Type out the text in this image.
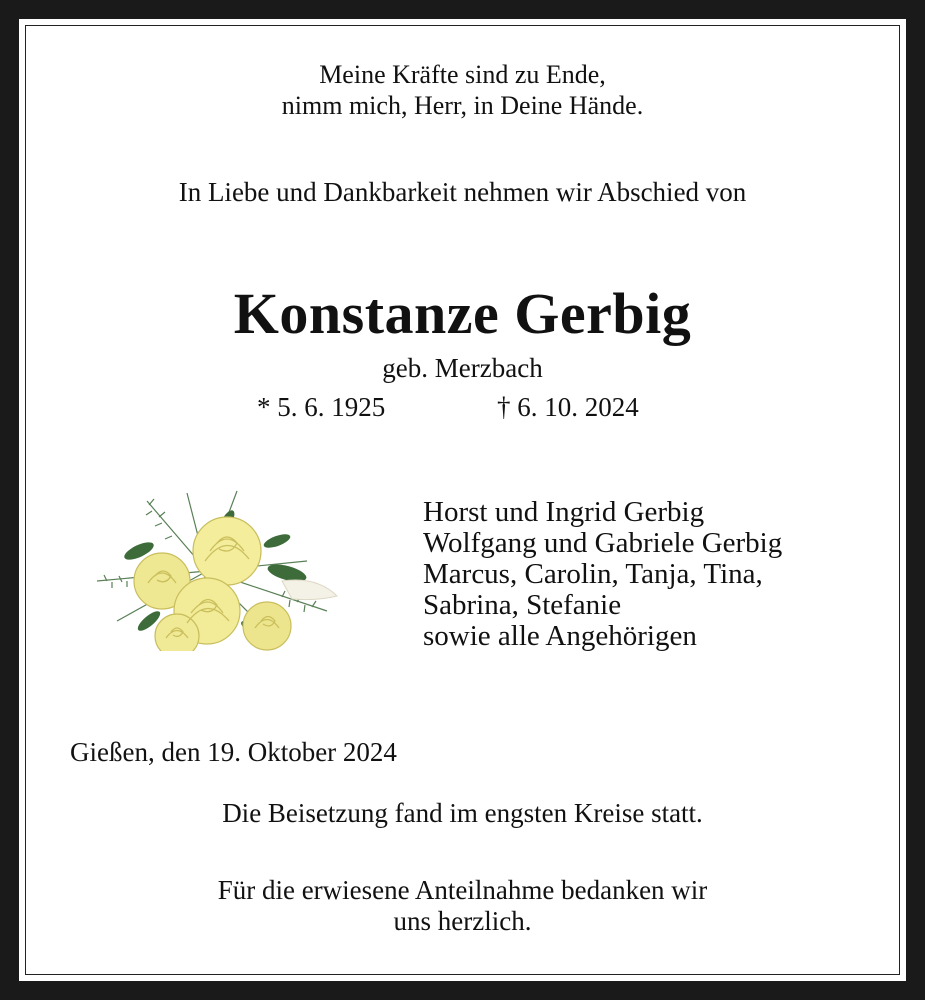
Meine Kräfte sind zu Ende,
nimm mich, Herr, in Deine Hände.
In Liebe und Dankbarkeit nehmen wir Abschied von
Konstanze Gerbig
geb. Merzbach
* 5. 6. 1925	† 6. 10. 2024
Horst und Ingrid Gerbig
Wolfgang und Gabriele Gerbig
Marcus, Carolin, Tanja, Tina,
Sabrina, Stefanie
sowie alle Angehörigen
Gießen, den 19. Oktober 2024
Die Beisetzung fand im engsten Kreise statt.
Für die erwiesene Anteilnahme bedanken wir
uns herzlich.
